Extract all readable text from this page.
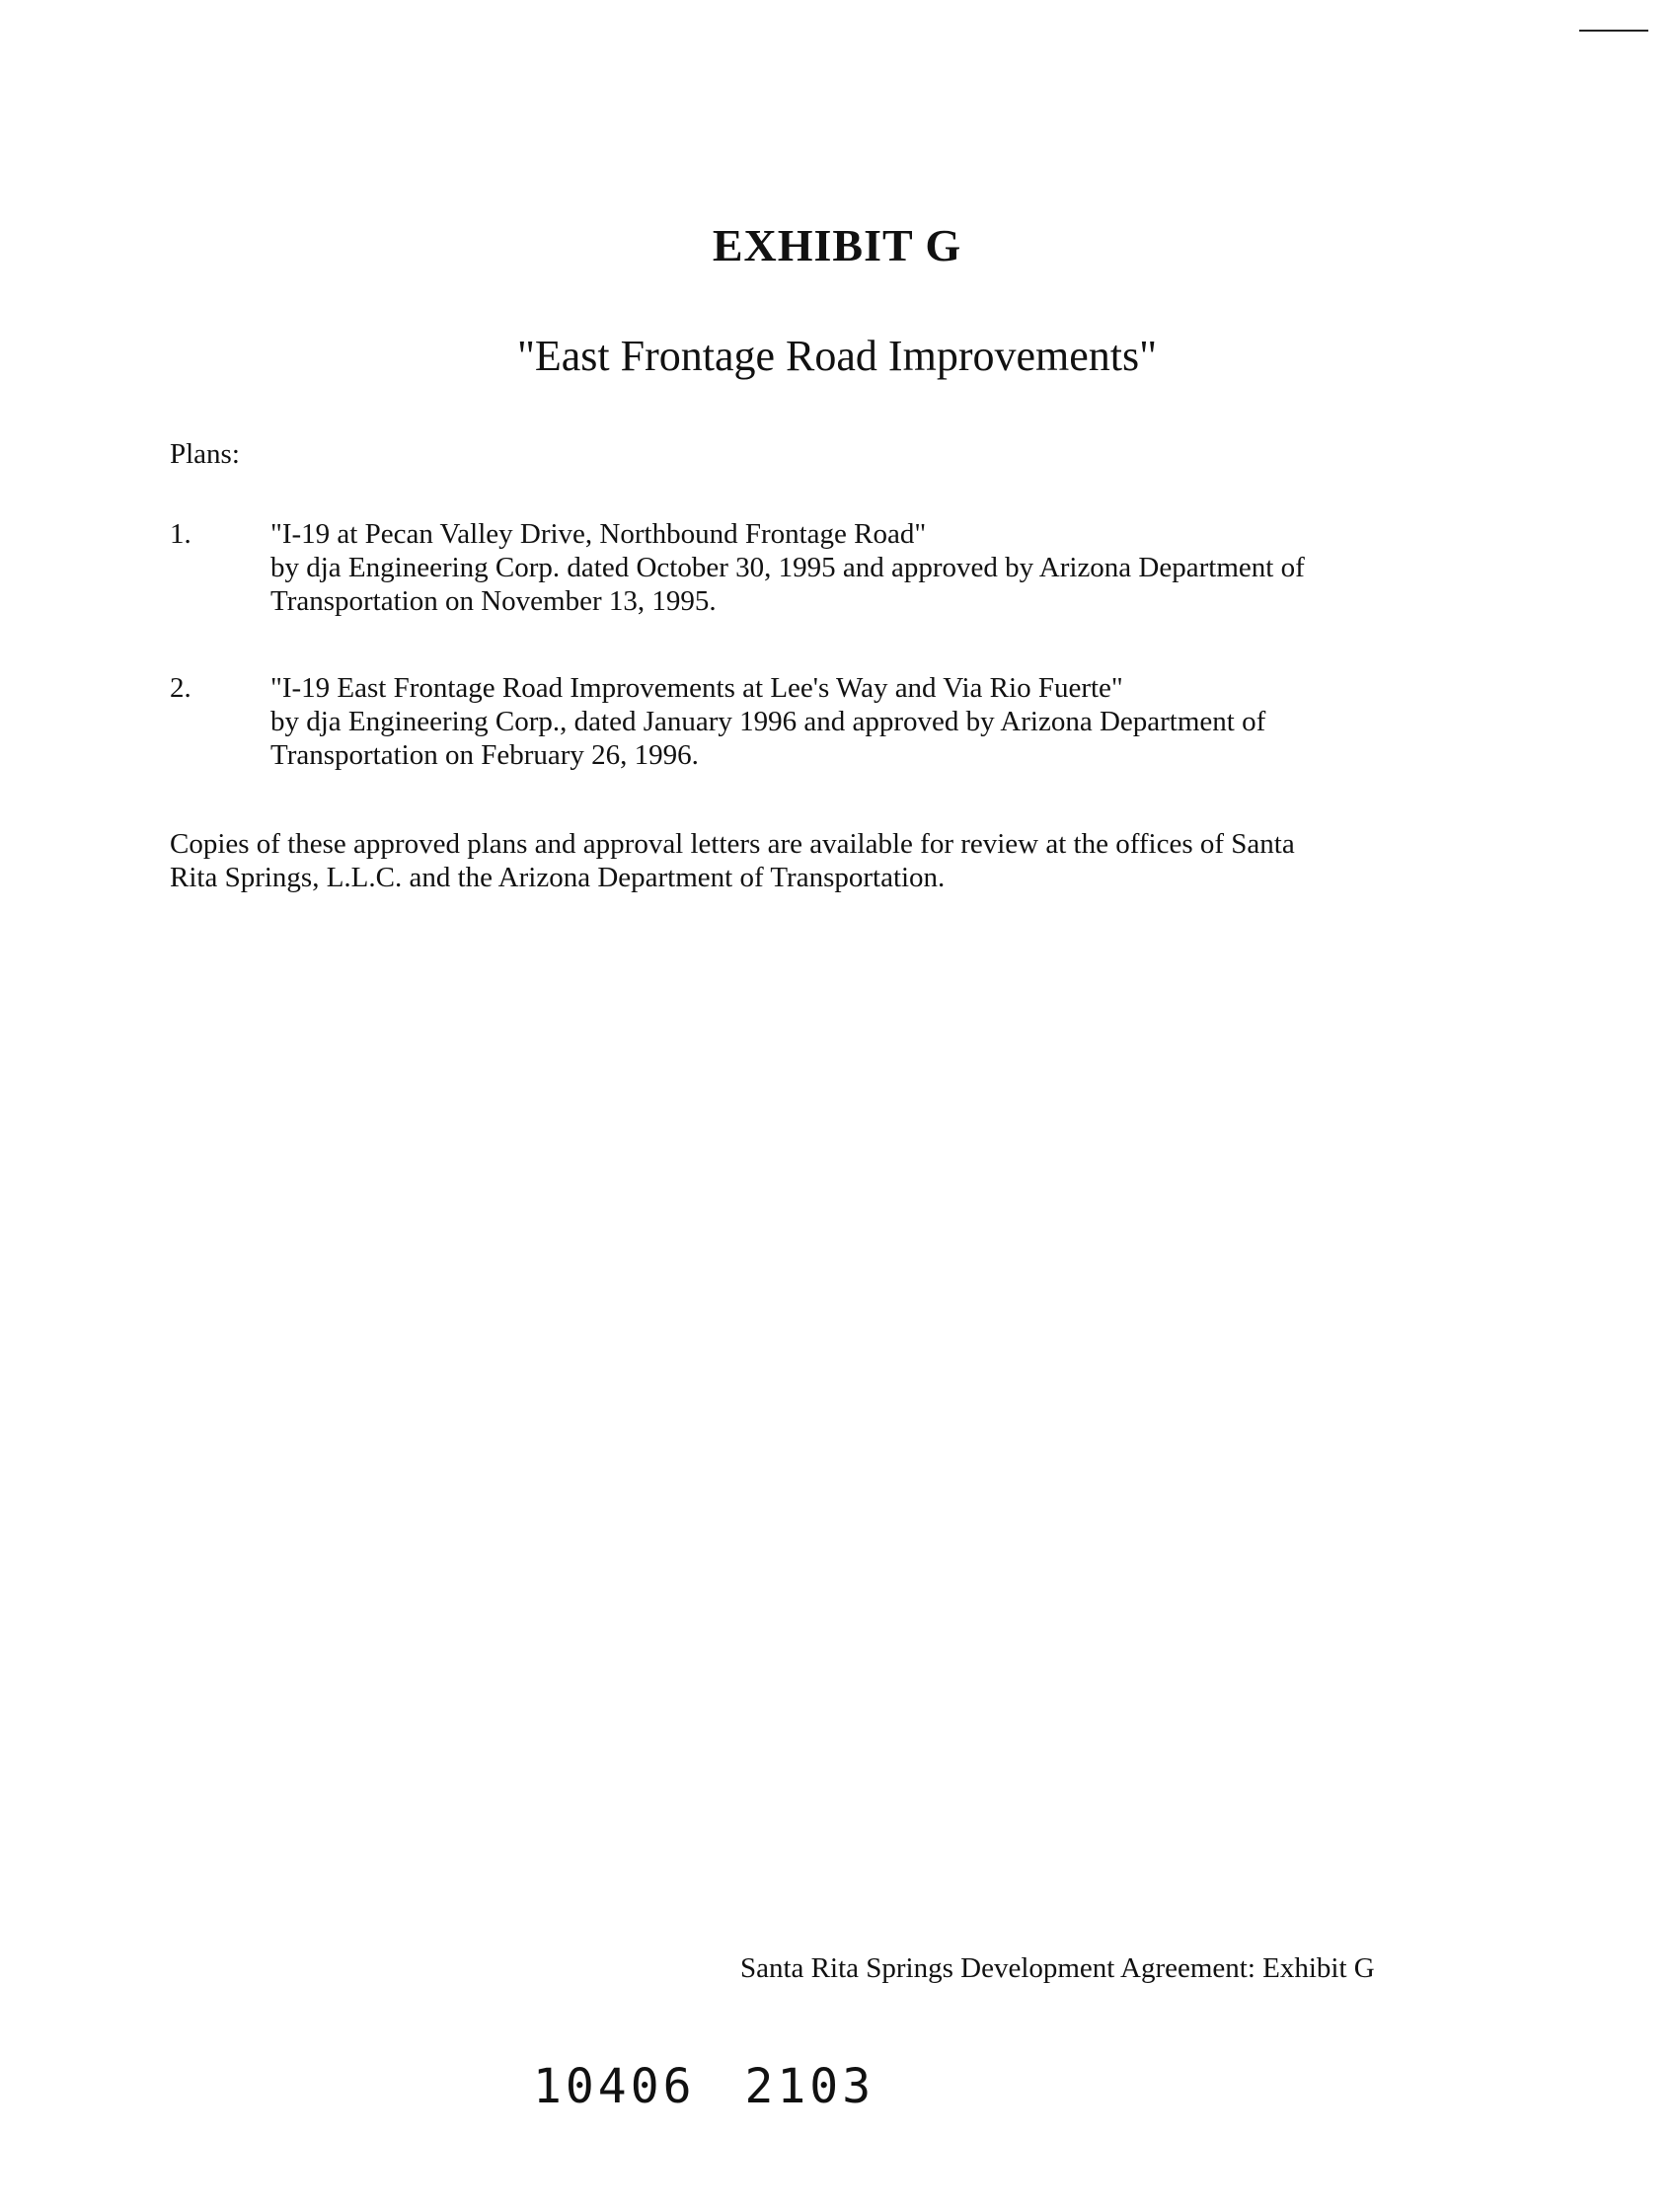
EXHIBIT G
"East Frontage Road Improvements"
Plans:
1.	"I-19 at Pecan Valley Drive, Northbound Frontage Road"
by dja Engineering Corp. dated October 30, 1995 and approved by Arizona Department of
Transportation on November 13, 1995.
2.	"I-19 East Frontage Road Improvements at Lee's Way and Via Rio Fuerte"
by dja Engineering Corp., dated January 1996 and approved by Arizona Department of
Transportation on February 26, 1996.
Copies of these approved plans and approval letters are available for review at the offices of Santa
Rita Springs, L.L.C. and the Arizona Department of Transportation.
Santa Rita Springs Development Agreement: Exhibit G
10406 2103
